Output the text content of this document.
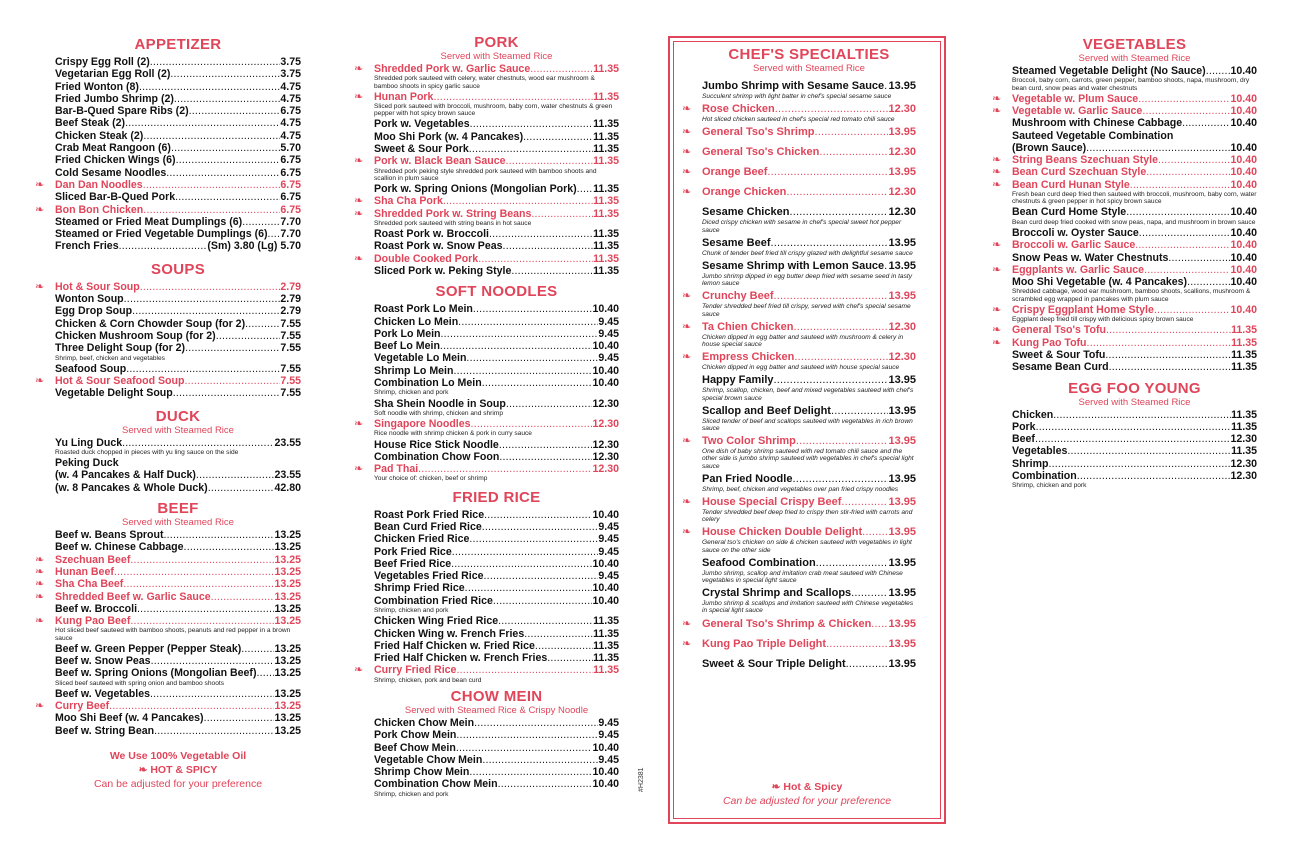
APPETIZER
Crispy Egg Roll (2) .....	3.75
Vegetarian Egg Roll (2) .....	3.75
Fried Wonton (8) .....	4.75
Fried Jumbo Shrimp (2) .....	4.75
Bar-B-Qued Spare Ribs (2) .....	6.75
Beef Steak (2) .....	4.75
Chicken Steak (2) .....	4.75
Crab Meat Rangoon (6) .....	5.70
Fried Chicken Wings (6) .....	6.75
Cold Sesame Noodles .....	6.75
❧ Dan Dan Noodles .....	6.75
Sliced Bar-B-Qued Pork .....	6.75
❧ Bon Bon Chicken .....	6.75
Steamed or Fried Meat Dumplings (6) .....	7.70
Steamed or Fried Vegetable Dumplings (6) ..... 7.70
French Fries .....	(Sm) 3.80 (Lg) 5.70
SOUPS
❧ Hot & Sour Soup .....	2.79
Wonton Soup .....	2.79
Egg Drop Soup .....	2.79
Chicken & Corn Chowder Soup (for 2) .....	7.55
Chicken Mushroom Soup (for 2) .....	7.55
Three Delight Soup (for 2) .....	7.55
Shrimp, beef, chicken and vegetables
Seafood Soup .....	7.55
❧ Hot & Sour Seafood Soup .....	7.55
Vegetable Delight Soup .....	7.55
DUCK
Served with Steamed Rice
Yu Ling Duck .....	23.55
Roasted duck chopped in pieces with yu ling sauce on the side
Peking Duck
(w. 4 Pancakes & Half Duck) .....	23.55
(w. 8 Pancakes & Whole Duck) .....	42.80
BEEF
Served with Steamed Rice
Beef w. Beans Sprout .....	13.25
Beef w. Chinese Cabbage .....	13.25
❧ Szechuan Beef .....	13.25
❧ Hunan Beef .....	13.25
❧ Sha Cha Beef .....	13.25
❧ Shredded Beef w. Garlic Sauce .....	13.25
Beef w. Broccoli .....	13.25
❧ Kung Pao Beef .....	13.25
Hot sliced beef sauteed with bamboo shoots, peanuts and red pepper in a brown sauce
Beef w. Green Pepper (Pepper Steak) .....	13.25
Beef w. Snow Peas .....	13.25
Beef w. Spring Onions (Mongolian Beef) ..... 13.25
Sliced beef sauteed with spring onion and bamboo shoots
Beef w. Vegetables .....	13.25
❧ Curry Beef .....	13.25
Moo Shi Beef (w. 4 Pancakes) .....	13.25
Beef w. String Bean .....	13.25
We Use 100% Vegetable Oil
❧ HOT & SPICY
Can be adjusted for your preference
PORK
Served with Steamed Rice
❧ Shredded Pork w. Garlic Sauce .....	11.35
Shredded pork sauteed with celery, water chestnuts, wood ear mushroom & bamboo shoots in spicy garlic sauce
❧ Hunan Pork .....	11.35
Sliced pork sauteed with broccoli, mushroom, baby corn, water chestnuts & green pepper with hot spicy brown sauce
Pork w. Vegetables .....	11.35
Moo Shi Pork (w. 4 Pancakes) .....	11.35
Sweet & Sour Pork .....	11.35
❧ Pork w. Black Bean Sauce .....	11.35
Shredded pork peking style shredded pork sauteed with bamboo shoots and scallion in plum sauce
Pork w. Spring Onions (Mongolian Pork) ..... 11.35
❧ Sha Cha Pork .....	11.35
❧ Shredded Pork w. String Beans .....	11.35
Shredded pork sauteed with string beans in hot sauce
Roast Pork w. Broccoli .....	11.35
Roast Pork w. Snow Peas .....	11.35
❧ Double Cooked Pork .....	11.35
Sliced Pork w. Peking Style .....	11.35
SOFT NOODLES
Roast Pork Lo Mein .....	10.40
Chicken Lo Mein .....	9.45
Pork Lo Mein .....	9.45
Beef Lo Mein .....	10.40
Vegetable Lo Mein .....	9.45
Shrimp Lo Mein .....	10.40
Combination Lo Mein .....	10.40
Shrimp, chicken and pork
Sha Shein Noodle in Soup .....	12.30
Soft noodle with shrimp, chicken and shrimp
❧ Singapore Noodles .....	12.30
Rice noodle with shrimp chicken & pork in curry sauce
House Rice Stick Noodle .....	12.30
Combination Chow Foon .....	12.30
❧ Pad Thai .....	12.30
Your choice of: chicken, beef or shrimp
FRIED RICE
Roast Pork Fried Rice .....	10.40
Bean Curd Fried Rice .....	9.45
Chicken Fried Rice .....	9.45
Pork Fried Rice .....	9.45
Beef Fried Rice .....	10.40
Vegetables Fried Rice .....	9.45
Shrimp Fried Rice .....	10.40
Combination Fried Rice .....	10.40
Shrimp, chicken and pork
Chicken Wing Fried Rice .....	11.35
Chicken Wing w. French Fries .....	11.35
Fried Half Chicken w. Fried Rice .....	11.35
Fried Half Chicken w. French Fries .....	11.35
❧ Curry Fried Rice .....	11.35
Shrimp, chicken, pork and bean curd
CHOW MEIN
Served with Steamed Rice & Crispy Noodle
Chicken Chow Mein .....	9.45
Pork Chow Mein .....	9.45
Beef Chow Mein .....	10.40
Vegetable Chow Mein .....	9.45
Shrimp Chow Mein .....	10.40
Combination Chow Mein .....	10.40
Shrimp, chicken and pork
#H2381
CHEF'S SPECIALTIES
Served with Steamed Rice
Jumbo Shrimp with Sesame Sauce ..... 13.95
Succulent shrimp with light batter in chef's special sesame sauce
❧ Rose Chicken .....	12.30
Hot sliced chicken sauteed in chef's special red tomato chili sauce
❧ General Tso's Shrimp .....	13.95
❧ General Tso's Chicken .....	12.30
❧ Orange Beef .....	13.95
❧ Orange Chicken .....	12.30
Sesame Chicken .....	12.30
Diced crispy chicken with sesame in chef's special sweet hot pepper sauce
Sesame Beef .....	13.95
Chunk of tender beef fried till crispy glazed with delightful sesame sauce
Sesame Shrimp with Lemon Sauce ..... 13.95
Jumbo shrimp dipped in egg butter deep fried with sesame seed in tasty lemon sauce
❧ Crunchy Beef .....	13.95
Tender shredded beef fried till crispy, served with chef's special sesame sauce
❧ Ta Chien Chicken .....	12.30
Chicken dipped in egg batter and sauteed with mushroom & celery in house special sauce
❧ Empress Chicken .....	12.30
Chicken dipped in egg batter and sauteed with house special sauce
Happy Family .....	13.95
Shrimp, scallop, chicken, beef and mixed vegetables sauteed with chef's special brown sauce
Scallop and Beef Delight .....	13.95
Sliced tender of beef and scallops sauteed with vegetables in rich brown sauce
❧ Two Color Shrimp .....	13.95
One dish of baby shrimp sauteed with red tomato chili sauce and the other side is jumbo shrimp sauteed with vegetables in chef's special light sauce
Pan Fried Noodle .....	13.95
Shrimp, beef, chicken and vegetables over pan fried crispy noodles
❧ House Special Crispy Beef .....	13.95
Tender shredded beef deep fried to crispy then stir-fried with carrots and celery
❧ House Chicken Double Delight ..... 13.95
General tso's chicken on side & chicken sauteed with vegetables in light sauce on the other side
Seafood Combination .....	13.95
Jumbo shrimp, scallop and imitation crab meat sauteed with Chinese vegetables in special light sauce
Crystal Shrimp and Scallops .....	13.95
Jumbo shrimp & scallops and imitation sauteed with Chinese vegetables in special light sauce
❧ General Tso's Shrimp & Chicken ..... 13.95
❧ Kung Pao Triple Delight .....	13.95
Sweet & Sour Triple Delight .....	13.95
❧ Hot & Spicy
Can be adjusted for your preference
VEGETABLES
Served with Steamed Rice
Steamed Vegetable Delight (No Sauce) ..... 10.40
Broccoli, baby corn, carrots, green pepper, bamboo shoots, napa, mushroom, dry bean curd, snow peas and water chestnuts
❧ Vegetable w. Plum Sauce .....	10.40
❧ Vegetable w. Garlic Sauce .....	10.40
Mushroom with Chinese Cabbage .....	10.40
Sauteed Vegetable Combination
(Brown Sauce) .....	10.40
❧ String Beans Szechuan Style .....	10.40
❧ Bean Curd Szechuan Style .....	10.40
❧ Bean Curd Hunan Style .....	10.40
Fresh bean curd deep fried then sauteed with broccoli, mushroom, baby corn, water chestnuts & green pepper in hot spicy brown sauce
Bean Curd Home Style .....	10.40
Bean curd deep fried cooked with snow peas, napa, and mushroom in brown sauce
Broccoli w. Oyster Sauce .....	10.40
❧ Broccoli w. Garlic Sauce .....	10.40
Snow Peas w. Water Chestnuts .....	10.40
❧ Eggplants w. Garlic Sauce .....	10.40
Moo Shi Vegetable (w. 4 Pancakes) .....	10.40
Shredded cabbage, wood ear mushroom, bamboo shoots, scallions, mushroom & scrambled egg wrapped in pancakes with plum sauce
❧ Crispy Eggplant Home Style .....	10.40
Eggplant deep fried till crispy with delicious spicy brown sauce
❧ General Tso's Tofu .....	11.35
❧ Kung Pao Tofu .....	11.35
Sweet & Sour Tofu .....	11.35
Sesame Bean Curd .....	11.35
EGG FOO YOUNG
Served with Steamed Rice
Chicken .....	11.35
Pork .....	11.35
Beef .....	12.30
Vegetables .....	11.35
Shrimp .....	12.30
Combination .....	12.30
Shrimp, chicken and pork
